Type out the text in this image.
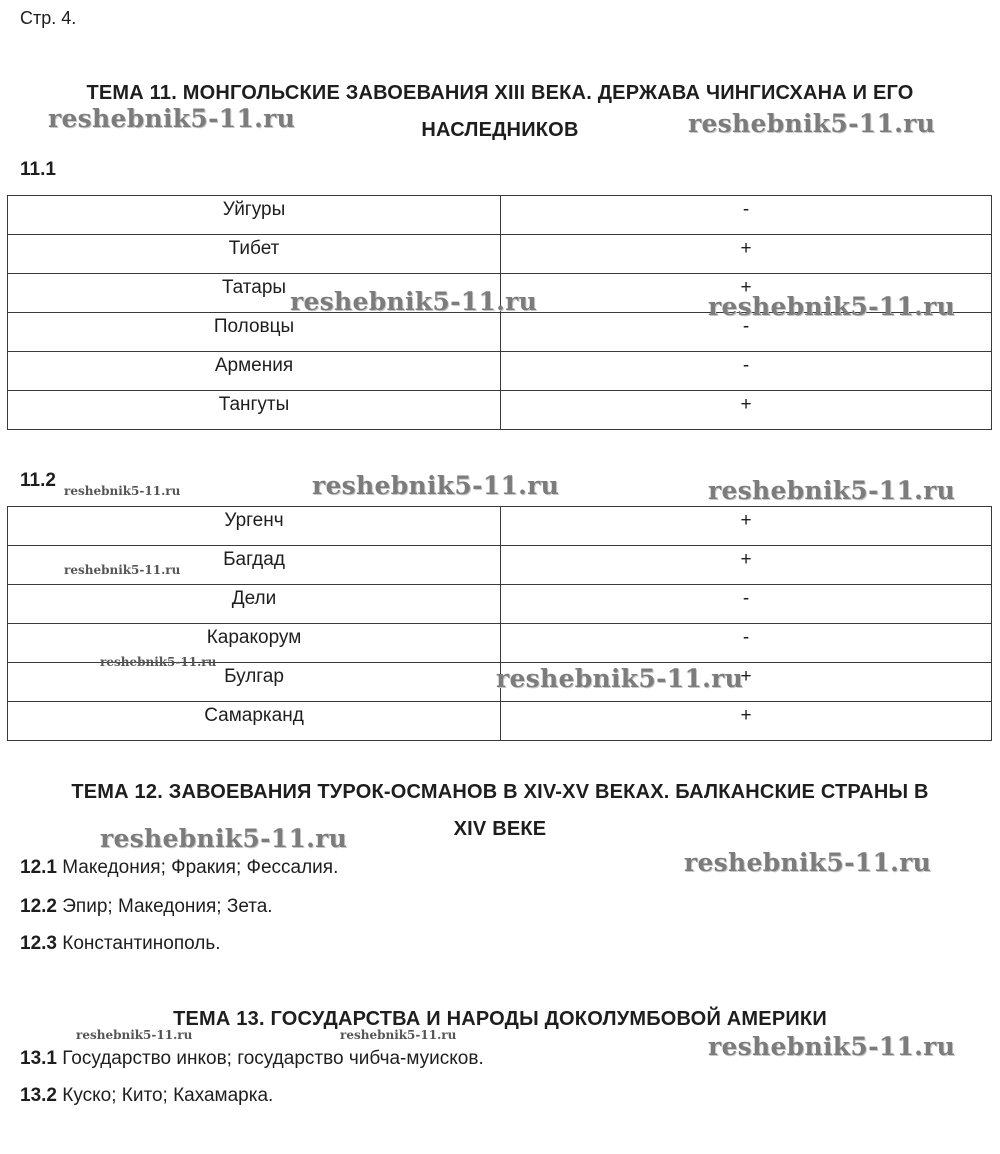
Стр. 4.
ТЕМА 11. МОНГОЛЬСКИЕ ЗАВОЕВАНИЯ XIII ВЕКА. ДЕРЖАВА ЧИНГИСХАНА И ЕГО
НАСЛЕДНИКОВ
11.1
Уйгуры	-
Тибет	+
Татары	+
Половцы	-
Армения	-
Тангуты	+
11.2
Ургенч	+
Багдад	+
Дели	-
Каракорум	-
Булгар	+
Самарканд	+
ТЕМА 12. ЗАВОЕВАНИЯ ТУРОК-ОСМАНОВ В XIV-XV ВЕКАХ. БАЛКАНСКИЕ СТРАНЫ В
XIV ВЕКЕ
12.1 Македония; Фракия; Фессалия.
12.2 Эпир; Македония; Зета.
12.3 Константинополь.
ТЕМА 13. ГОСУДАРСТВА И НАРОДЫ ДОКОЛУМБОВОЙ АМЕРИКИ
13.1 Государство инков; государство чибча-муисков.
13.2 Куско; Кито; Кахамарка.
reshebnik5-11.ru	reshebnik5-11.ru
reshebnik5-11.ru	reshebnik5-11.ru
reshebnik5-11.ru	reshebnik5-11.ru	reshebnik5-11.ru
reshebnik5-11.ru
reshebnik5-11.ru
reshebnik5-11.ru
reshebnik5-11.ru
reshebnik5-11.ru
reshebnik5-11.ru	reshebnik5-11.ru	reshebnik5-11.ru
